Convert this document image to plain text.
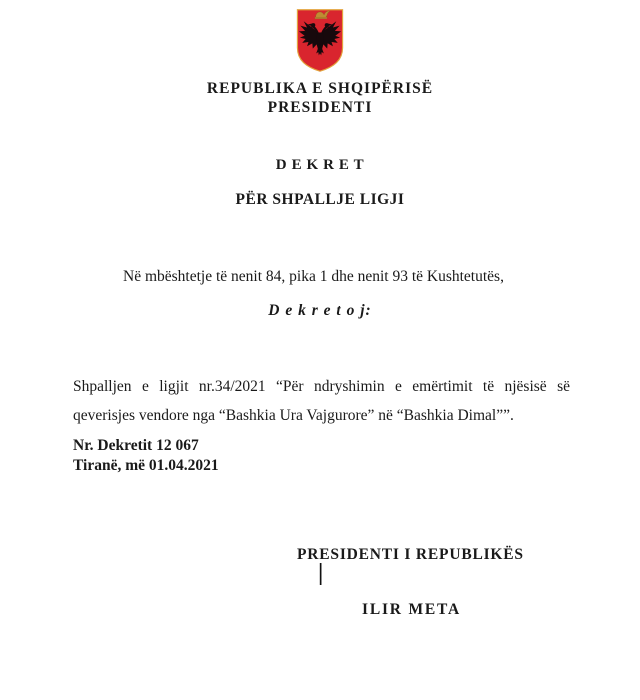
REPUBLIKA E SHQIPËRISË
PRESIDENTI
D E K R E T
PËR SHPALLJE LIGJI

Në mbështetje të nenit 84, pika 1 dhe nenit 93 të Kushtetutës,

D e k r e t o j:

Shpalljen e ligjit nr.34/2021 “Për ndryshimin e emërtimit të njësisë së qeverisjes vendore nga “Bashkia Ura Vajgurore” në “Bashkia Dimal””.

Nr. Dekretit 12 067
Tiranë, më 01.04.2021
PRESIDENTI I REPUBLIKËS
|
ILIR META
